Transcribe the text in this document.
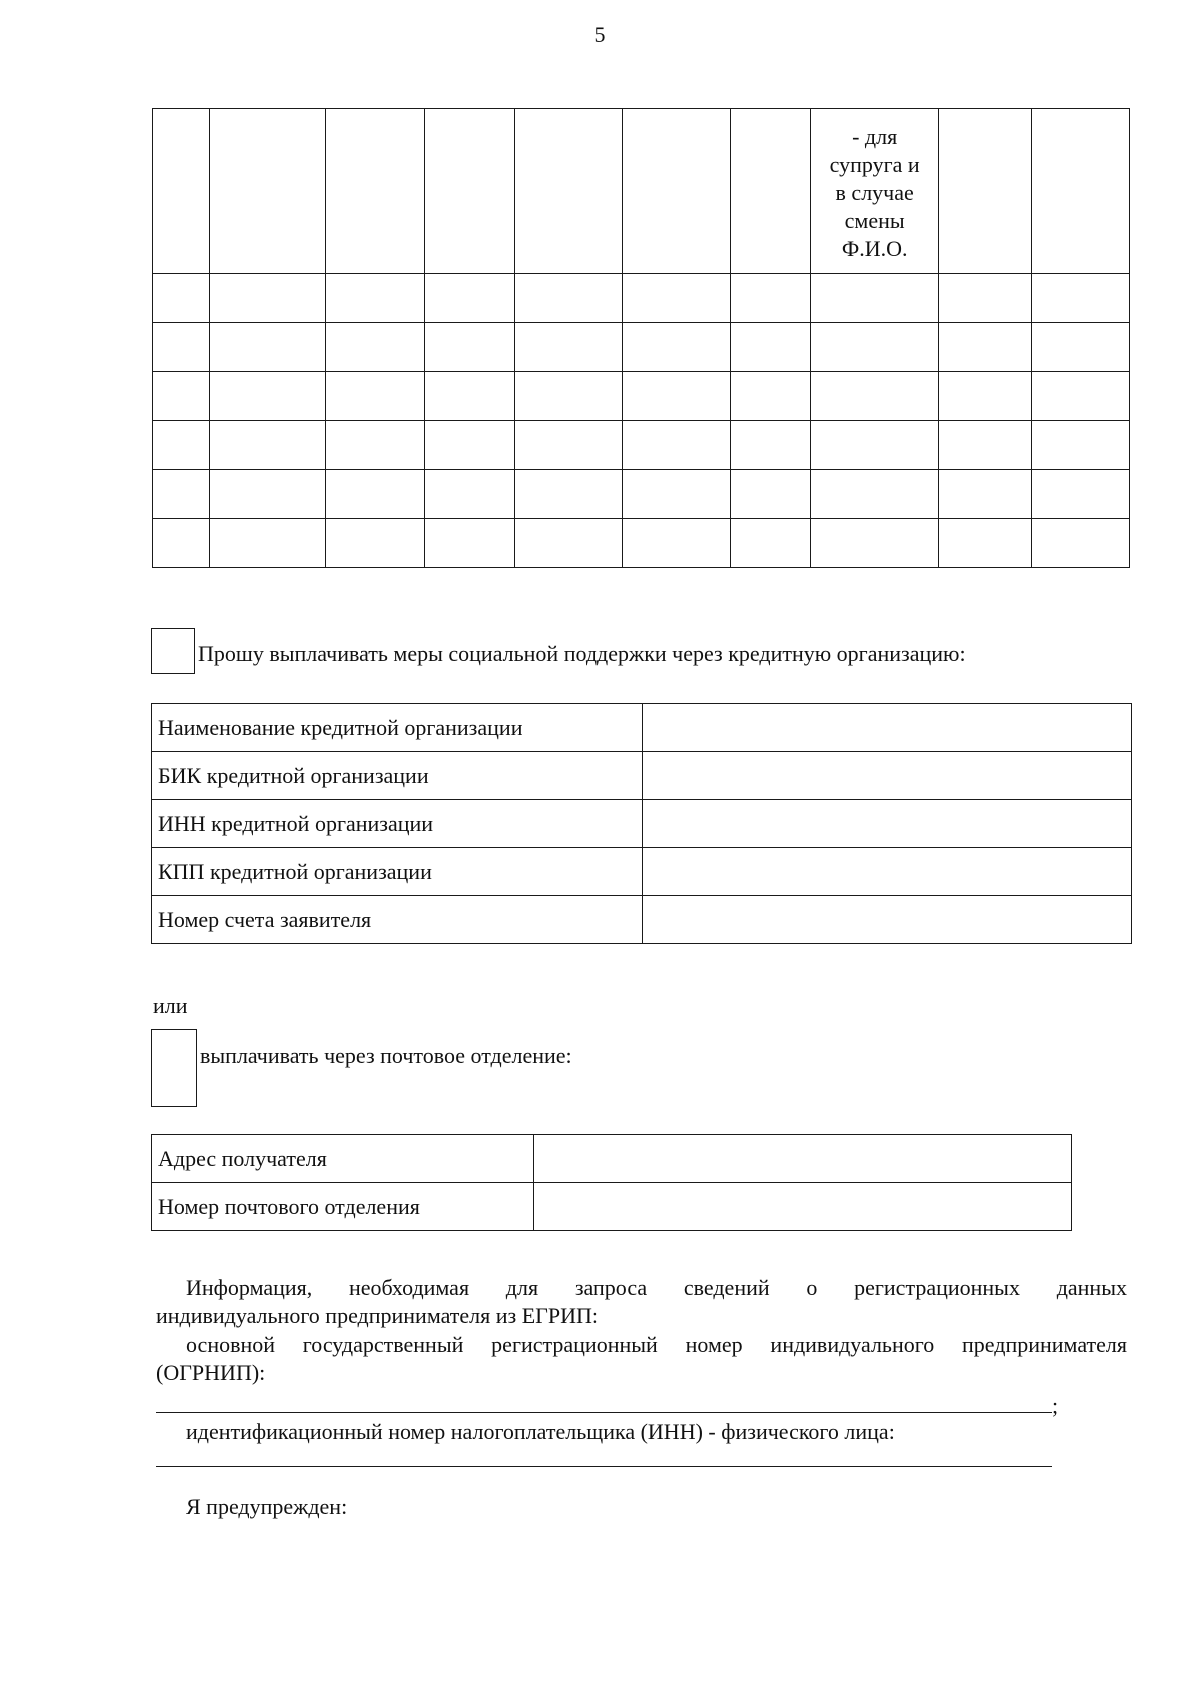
5

							- для
супруга и
в случае
смены
Ф.И.О.		

Прошу выплачивать меры социальной поддержки через кредитную организацию:
Наименование кредитной организации	
БИК кредитной организации	
ИНН кредитной организации	
КПП кредитной организации	
Номер счета заявителя	
или
выплачивать через почтовое отделение:
Адрес получателя	
Номер почтового отделения	
Информация, необходимая для запроса сведений о регистрационных данных
индивидуального предпринимателя из ЕГРИП:
основной государственный регистрационный номер индивидуального предпринимателя
(ОГРНИП):
;
идентификационный номер налогоплательщика (ИНН) - физического лица:
Я предупрежден:
